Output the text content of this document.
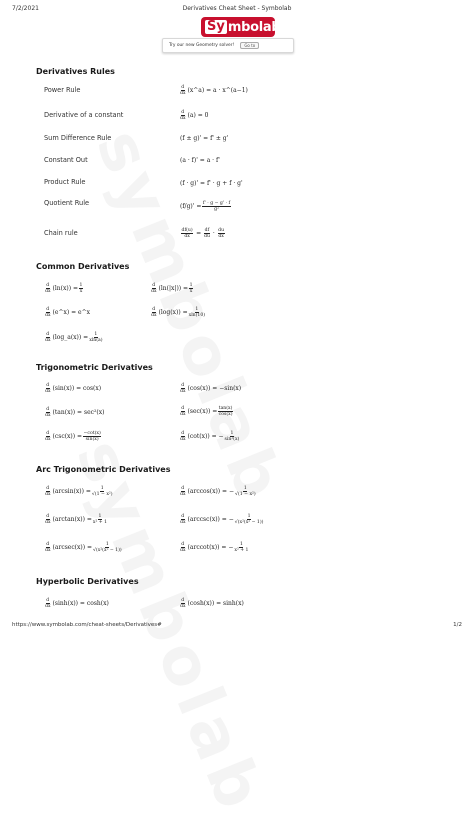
7/2/2021	Derivatives Cheat Sheet - Symbolab
Sy mbolab
Try our new Geometry solver!	Go to
Derivatives Rules
Power Rule	$\frac{d}{dx}$ (x^a) = a · x^(a−1)
Derivative of a constant	$\frac{d}{dx} (a) = 0$
Sum Difference Rule	(f ± g)' = f' ± g'
Constant Out	(a · f)' = a · f'
Product Rule	(f · g)' = f' · g + f · g'
Quotient Rule	$(f/g)' = \frac{f' \cdot g - g' \cdot f}{\text{g²}}$
Chain rule	$\frac{df(u)}{dx} = \frac{df}{du} \cdot \frac{du}{dx}$
Common Derivatives
$\frac{d}{dx} (\ln(x)) = \frac{1}{x}$	$\frac{d}{dx} (\ln(|x|)) = \frac{1}{x}$
$\frac{d}{dx}$ (e^x) = e^x	$\frac{d}{dx} (\log(x)) = \frac{1}{xln(10)}$
$\frac{d}{dx}$ (log_a(x)) = $\frac{1}{xln(a)}$
Trigonometric Derivatives
$\frac{d}{dx} (\sin(x)) = \cos(x)$	$\frac{d}{dx} (\cos(x)) = -\sin(x)$
$\frac{d}{dx} (\tan(x)) = \sec^2(x)$	$\frac{d}{dx} (\sec(x)) = \frac{\tan(x)}{\cos(x)}$
$\frac{d}{dx} (\csc(x)) = \frac{-\cot(x)}{\sin(x)}$	$\frac{d}{dx} (\cot(x))$ = − $\frac{1}{\text{sin²(x)}}$
Arc Trigonometric Derivatives
$\frac{d}{dx} (\arcsin(x)) = \frac{1}{\text{√(1 − x²)}}$	$\frac{d}{dx} (\arccos(x))$ = − $\frac{1}{\text{√(1 − x²)}}$
$\frac{d}{dx} (\arctan(x)) = \frac{1}{\text{x² + 1}}$	$\frac{d}{dx} (arccsc(x))$ = − $\frac{1}{\text{√(x²(x² − 1))}}$
$\frac{d}{dx} (arcsec(x)) = \frac{1}{\text{√(x²(x² − 1))}}$	$\frac{d}{dx} (arccot(x))$ = − $\frac{1}{\text{x² + 1}}$
Hyperbolic Derivatives
$\frac{d}{dx} (\sinh(x)) = \cosh(x)$	$\frac{d}{dx} (\cosh(x)) = \sinh(x)$
https://www.symbolab.com/cheat-sheets/Derivatives#	1/2
